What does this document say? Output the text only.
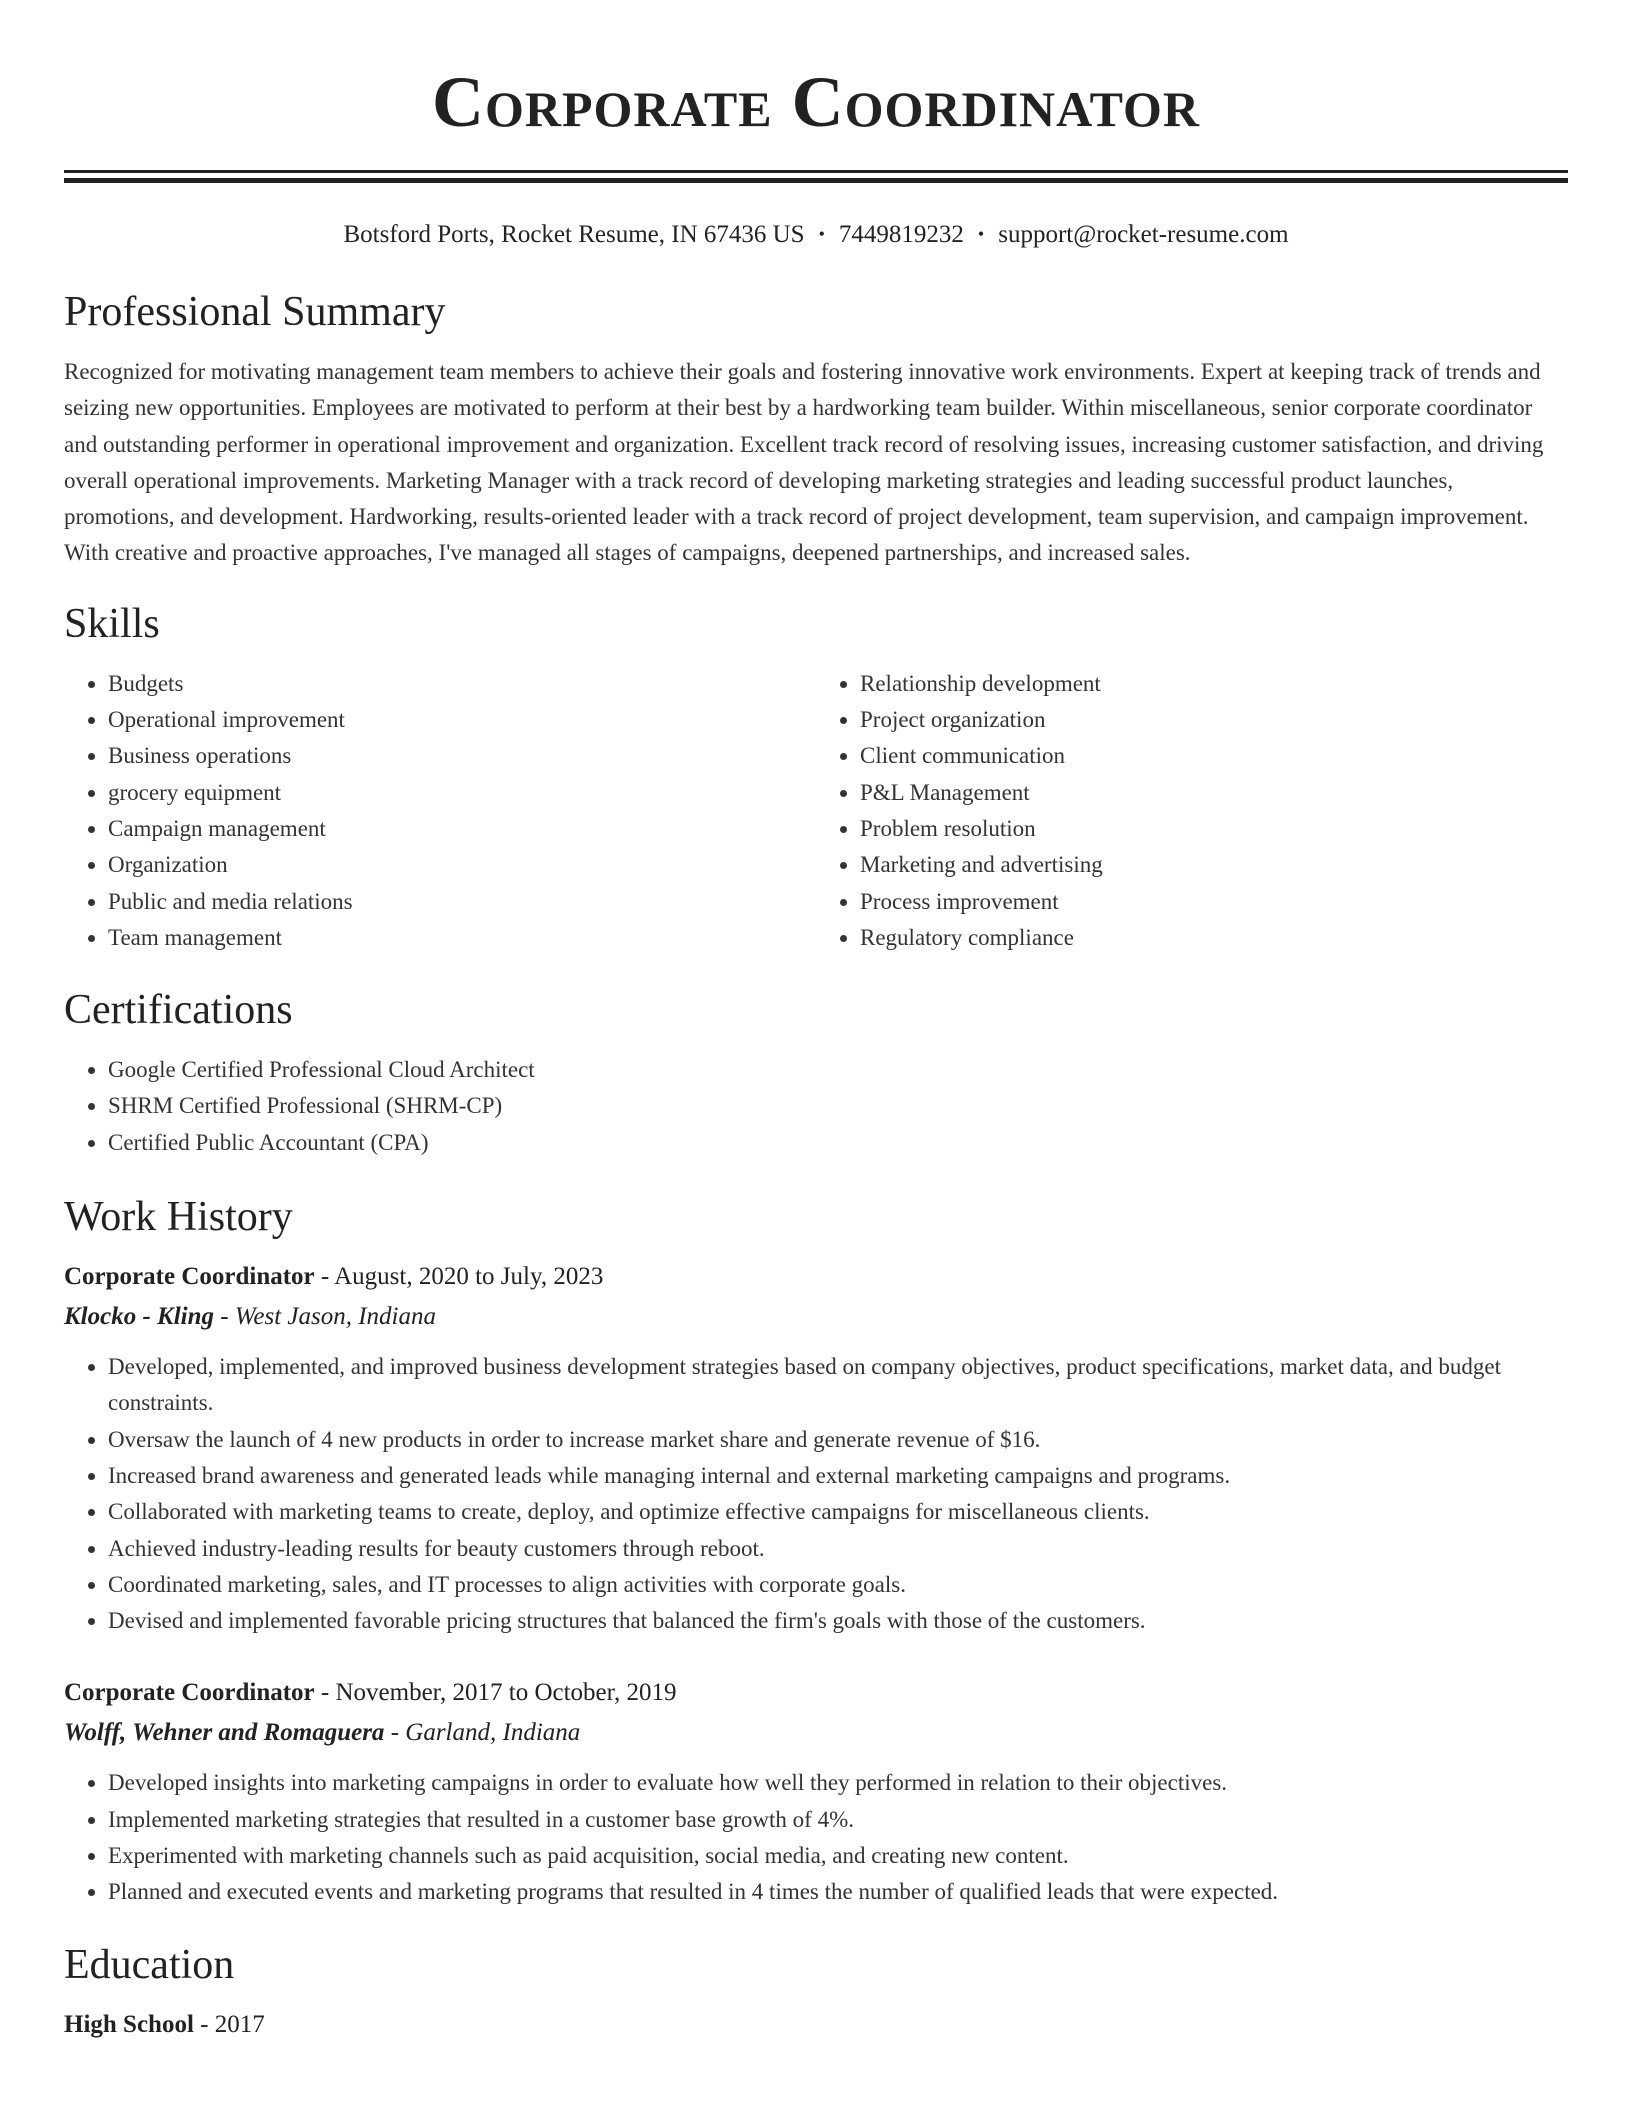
Corporate Coordinator
Botsford Ports, Rocket Resume, IN 67436 US • 7449819232 • support@rocket-resume.com
Professional Summary

Recognized for motivating management team members to achieve their goals and fostering innovative work environments. Expert at keeping track of trends and seizing new opportunities. Employees are motivated to perform at their best by a hardworking team builder. Within miscellaneous, senior corporate coordinator and outstanding performer in operational improvement and organization. Excellent track record of resolving issues, increasing customer satisfaction, and driving overall operational improvements. Marketing Manager with a track record of developing marketing strategies and leading successful product launches, promotions, and development. Hardworking, results-oriented leader with a track record of project development, team supervision, and campaign improvement. With creative and proactive approaches, I've managed all stages of campaigns, deepened partnerships, and increased sales.

Skills
• Budgets
• Operational improvement
• Business operations
• grocery equipment
• Campaign management
• Organization
• Public and media relations
• Team management
• Relationship development
• Project organization
• Client communication
• P&L Management
• Problem resolution
• Marketing and advertising
• Process improvement
• Regulatory compliance
Certifications
• Google Certified Professional Cloud Architect
• SHRM Certified Professional (SHRM-CP)
• Certified Public Accountant (CPA)
Work History
Corporate Coordinator - August, 2020 to July, 2023
Klocko - Kling - West Jason, Indiana
• Developed, implemented, and improved business development strategies based on company objectives, product specifications, market data, and budget constraints.
• Oversaw the launch of 4 new products in order to increase market share and generate revenue of $16.
• Increased brand awareness and generated leads while managing internal and external marketing campaigns and programs.
• Collaborated with marketing teams to create, deploy, and optimize effective campaigns for miscellaneous clients.
• Achieved industry-leading results for beauty customers through reboot.
• Coordinated marketing, sales, and IT processes to align activities with corporate goals.
• Devised and implemented favorable pricing structures that balanced the firm's goals with those of the customers.
Corporate Coordinator - November, 2017 to October, 2019
Wolff, Wehner and Romaguera - Garland, Indiana
• Developed insights into marketing campaigns in order to evaluate how well they performed in relation to their objectives.
• Implemented marketing strategies that resulted in a customer base growth of 4%.
• Experimented with marketing channels such as paid acquisition, social media, and creating new content.
• Planned and executed events and marketing programs that resulted in 4 times the number of qualified leads that were expected.
Education
High School - 2017
